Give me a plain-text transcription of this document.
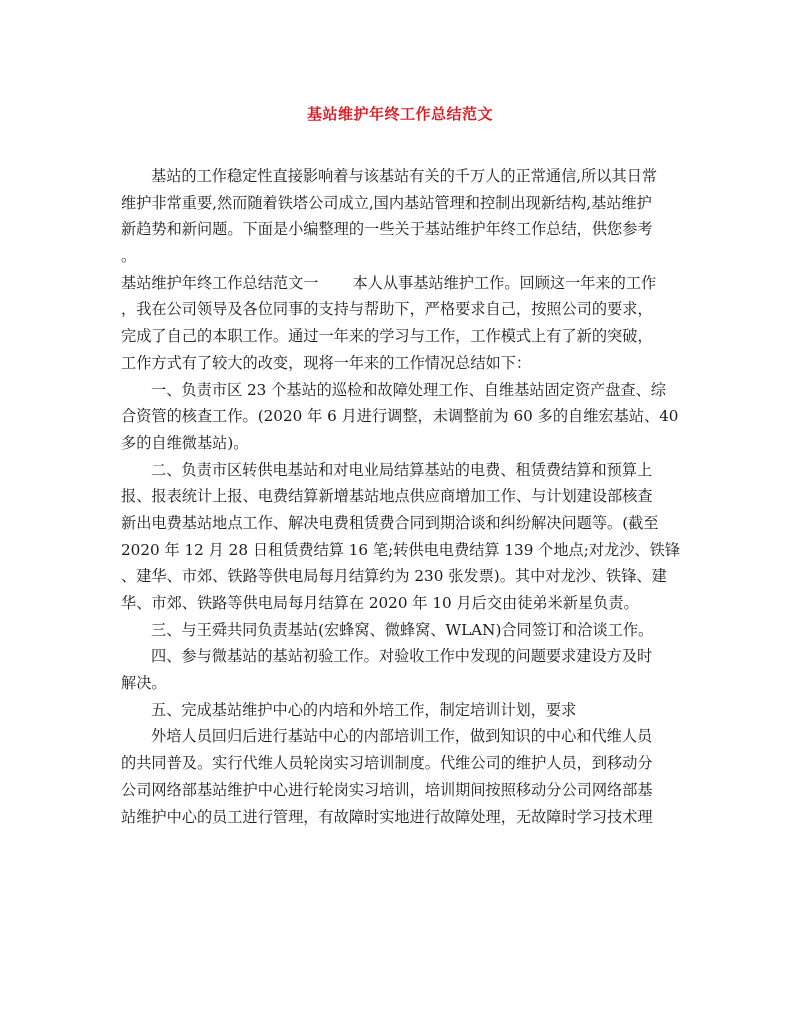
基站维护年终工作总结范文
基站的工作稳定性直接影响着与该基站有关的千万人的正常通信,所以其日常
维护非常重要,然而随着铁塔公司成立,国内基站管理和控制出现新结构,基站维护
新趋势和新问题。下面是小编整理的一些关于基站维护年终工作总结，供您参考
。
基站维护年终工作总结范文一 本人从事基站维护工作。回顾这一年来的工作
，我在公司领导及各位同事的支持与帮助下，严格要求自己，按照公司的要求，
完成了自己的本职工作。通过一年来的学习与工作，工作模式上有了新的突破，
工作方式有了较大的改变，现将一年来的工作情况总结如下：
一、负责市区 23 个基站的巡检和故障处理工作、自维基站固定资产盘查、综
合资管的核查工作。(2020 年 6 月进行调整，未调整前为 60 多的自维宏基站、40
多的自维微基站)。
二、负责市区转供电基站和对电业局结算基站的电费、租赁费结算和预算上
报、报表统计上报、电费结算新增基站地点供应商增加工作、与计划建设部核查
新出电费基站地点工作、解决电费租赁费合同到期洽谈和纠纷解决问题等。(截至
2020 年 12 月 28 日租赁费结算 16 笔;转供电电费结算 139 个地点;对龙沙、铁锋
、建华、市郊、铁路等供电局每月结算约为 230 张发票)。其中对龙沙、铁锋、建
华、市郊、铁路等供电局每月结算在 2020 年 10 月后交由徒弟米新星负责。
三、与王舜共同负责基站(宏蜂窝、微蜂窝、WLAN)合同签订和洽谈工作。
四、参与微基站的基站初验工作。对验收工作中发现的问题要求建设方及时
解决。
五、完成基站维护中心的内培和外培工作，制定培训计划，要求
外培人员回归后进行基站中心的内部培训工作，做到知识的中心和代维人员
的共同普及。实行代维人员轮岗实习培训制度。代维公司的维护人员，到移动分
公司网络部基站维护中心进行轮岗实习培训，培训期间按照移动分公司网络部基
站维护中心的员工进行管理，有故障时实地进行故障处理，无故障时学习技术理
